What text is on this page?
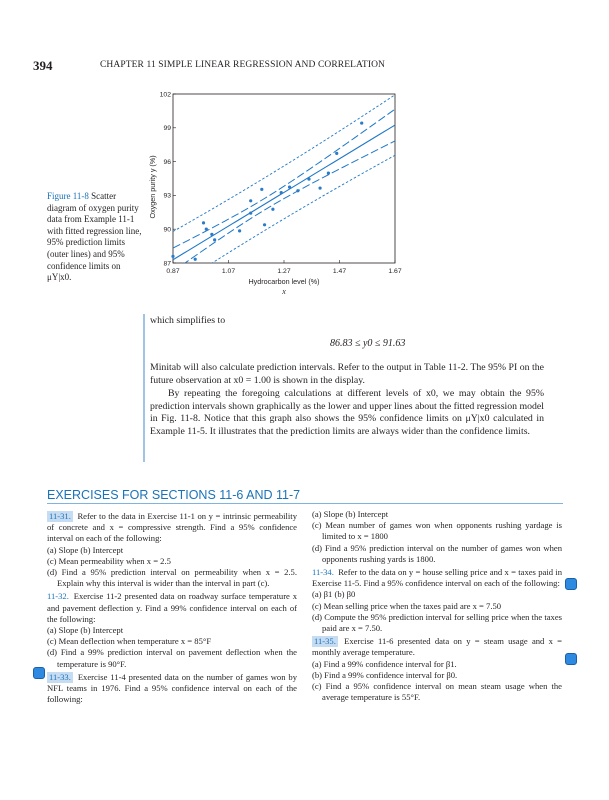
394	CHAPTER 11 SIMPLE LINEAR REGRESSION AND CORRELATION
Figure 11-8 Scatter diagram of oxygen purity data from Example 11-1 with fitted regression line, 95% prediction limits (outer lines) and 95% confidence limits on μY|x0.
0.87	1.07	1.27	1.47	1.67
87
90
93
96
99
102
Oxygen purity y (%)
Hydrocarbon level (%)
x
which simplifies to
86.83 ≤ y0 ≤ 91.63
Minitab will also calculate prediction intervals. Refer to the output in Table 11-2. The 95% PI on the future observation at x0 = 1.00 is shown in the display.
By repeating the foregoing calculations at different levels of x0, we may obtain the 95% prediction intervals shown graphically as the lower and upper lines about the fitted regression model in Fig. 11-8. Notice that this graph also shows the 95% confidence limits on μY|x0 calculated in Example 11-5. It illustrates that the prediction limits are always wider than the confidence limits.
EXERCISES FOR SECTIONS 11-6 AND 11-7

11-31. Refer to the data in Exercise 11-1 on y = intrinsic permeability of concrete and x = compressive strength. Find a 95% confidence interval on each of the following:

(a) Slope (b) Intercept

(c) Mean permeability when x = 2.5

(d) Find a 95% prediction interval on permeability when x = 2.5. Explain why this interval is wider than the interval in part (c).

11-32. Exercise 11-2 presented data on roadway surface temperature x and pavement deflection y. Find a 99% confidence interval on each of the following:

(a) Slope (b) Intercept

(c) Mean deflection when temperature x = 85°F

(d) Find a 99% prediction interval on pavement deflection when the temperature is 90°F.

11-33. Exercise 11-4 presented data on the number of games won by NFL teams in 1976. Find a 95% confidence interval on each of the following:

(a) Slope (b) Intercept

(c) Mean number of games won when opponents rushing yardage is limited to x = 1800

(d) Find a 95% prediction interval on the number of games won when opponents rushing yards is 1800.

11-34. Refer to the data on y = house selling price and x = taxes paid in Exercise 11-5. Find a 95% confidence interval on each of the following:

(a) β1 (b) β0

(c) Mean selling price when the taxes paid are x = 7.50

(d) Compute the 95% prediction interval for selling price when the taxes paid are x = 7.50.

11-35. Exercise 11-6 presented data on y = steam usage and x = monthly average temperature.

(a) Find a 99% confidence interval for β1.

(b) Find a 99% confidence interval for β0.

(c) Find a 95% confidence interval on mean steam usage when the average temperature is 55°F.
